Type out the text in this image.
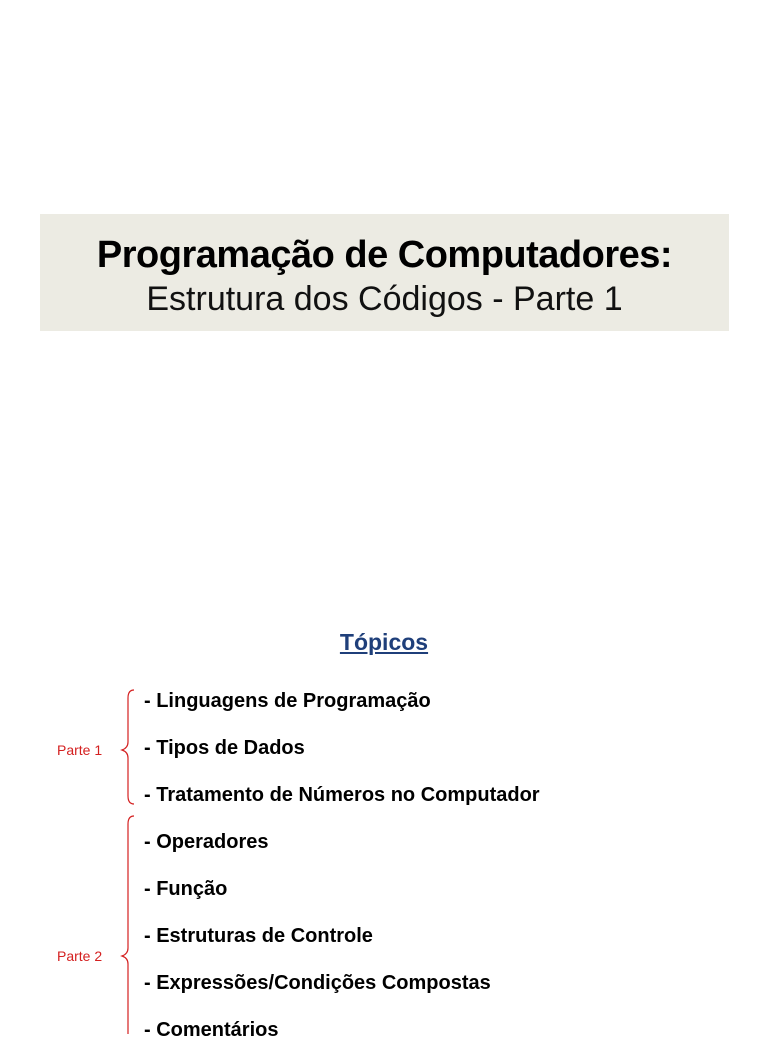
Programação de Computadores:
Estrutura dos Códigos - Parte 1
Tópicos
- Linguagens de Programação
- Tipos de Dados
- Tratamento de Números no Computador
- Operadores
- Função
- Estruturas de Controle
- Expressões/Condições Compostas
- Comentários
Parte 1
Parte 2
